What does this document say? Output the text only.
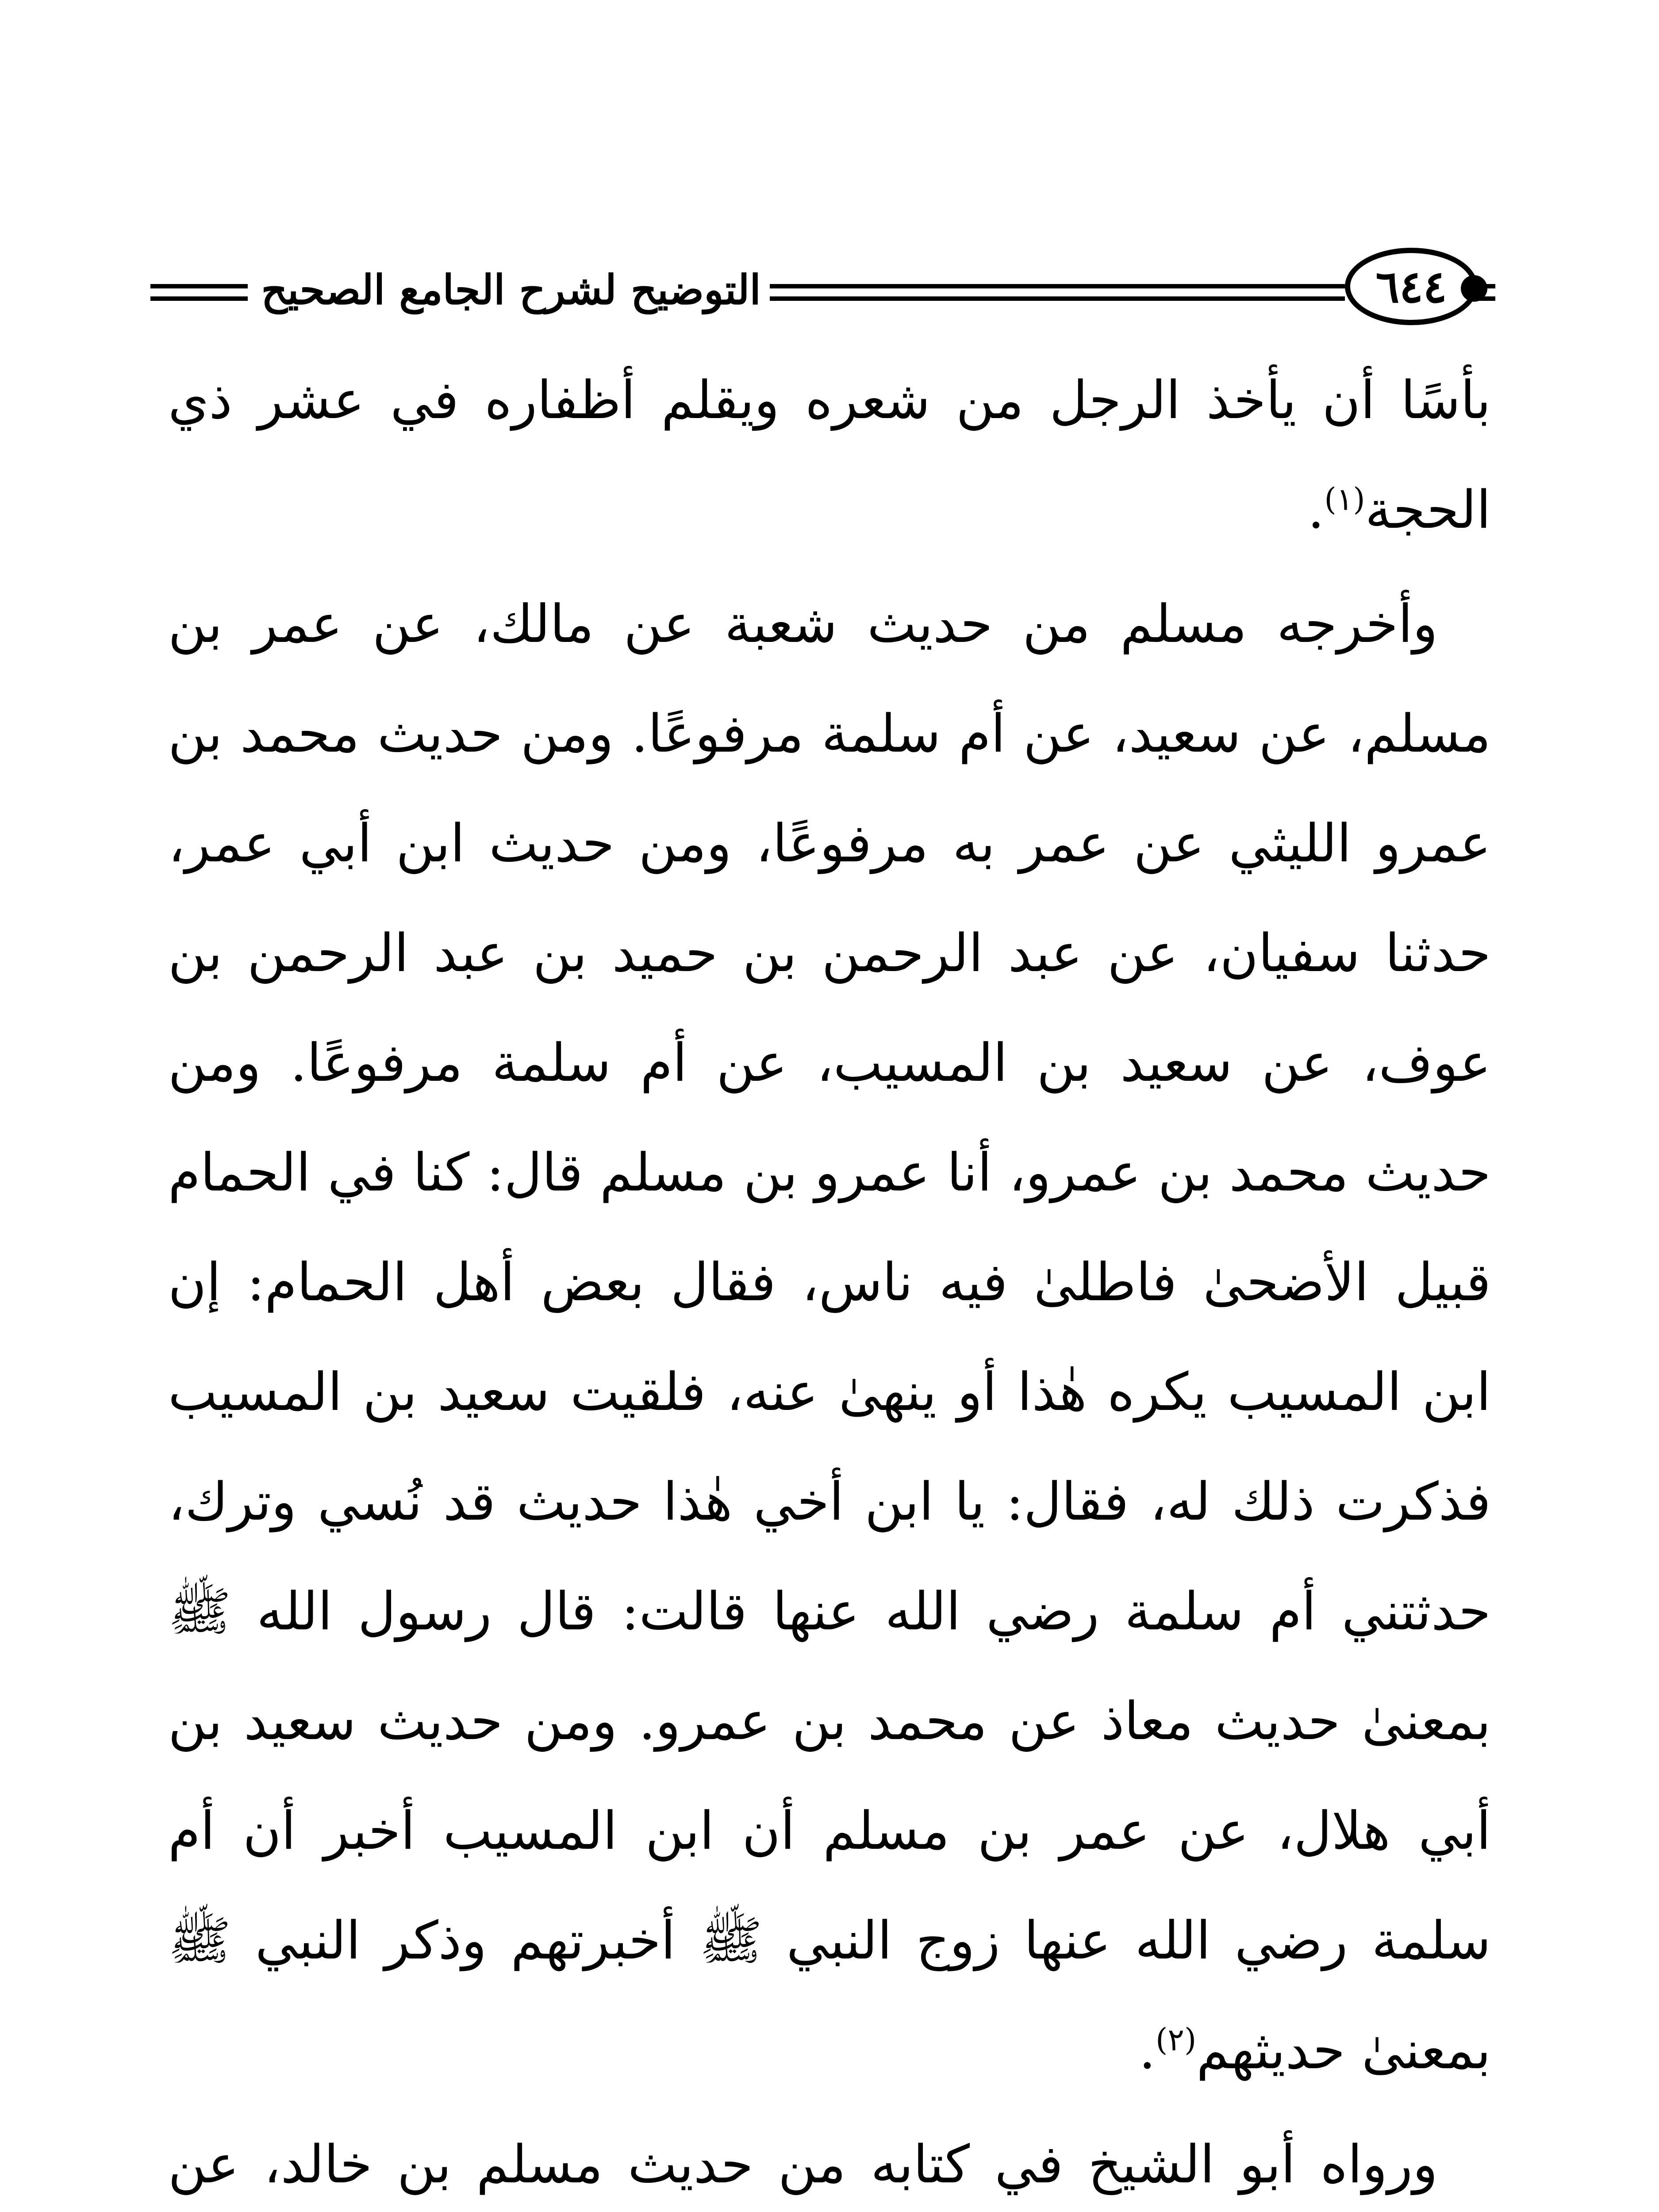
التوضيح لشرح الجامع الصحيح	٦٤٤

بأسًا أن يأخذ الرجل من شعره ويقلم أظفاره في عشر ذي الحجة$^{(١)}$.

وأخرجه مسلم من حديث شعبة عن مالك، عن عمر بن مسلم، عن سعيد، عن أم سلمة مرفوعًا. ومن حديث محمد بن عمرو الليثي عن عمر به مرفوعًا، ومن حديث ابن أبي عمر، حدثنا سفيان، عن عبد الرحمن بن حميد بن عبد الرحمن بن عوف، عن سعيد بن المسيب، عن أم سلمة مرفوعًا. ومن حديث محمد بن عمرو، أنا عمرو بن مسلم قال: كنا في الحمام قبيل الأضحىٰ فاطلىٰ فيه ناس، فقال بعض أهل الحمام: إن ابن المسيب يكره هٰذا أو ينهىٰ عنه، فلقيت سعيد بن المسيب فذكرت ذلك له، فقال: يا ابن أخي هٰذا حديث قد نُسي وترك، حدثتني أم سلمة رضي الله عنها قالت: قال رسول الله ﷺ بمعنىٰ حديث معاذ عن محمد بن عمرو. ومن حديث سعيد بن أبي هلال، عن عمر بن مسلم أن ابن المسيب أخبر أن أم سلمة رضي الله عنها زوج النبي ﷺ أخبرتهم وذكر النبي ﷺ بمعنىٰ حديثهم$^{(٢)}$.

ورواه أبو الشيخ في كتابه من حديث مسلم بن خالد، عن
